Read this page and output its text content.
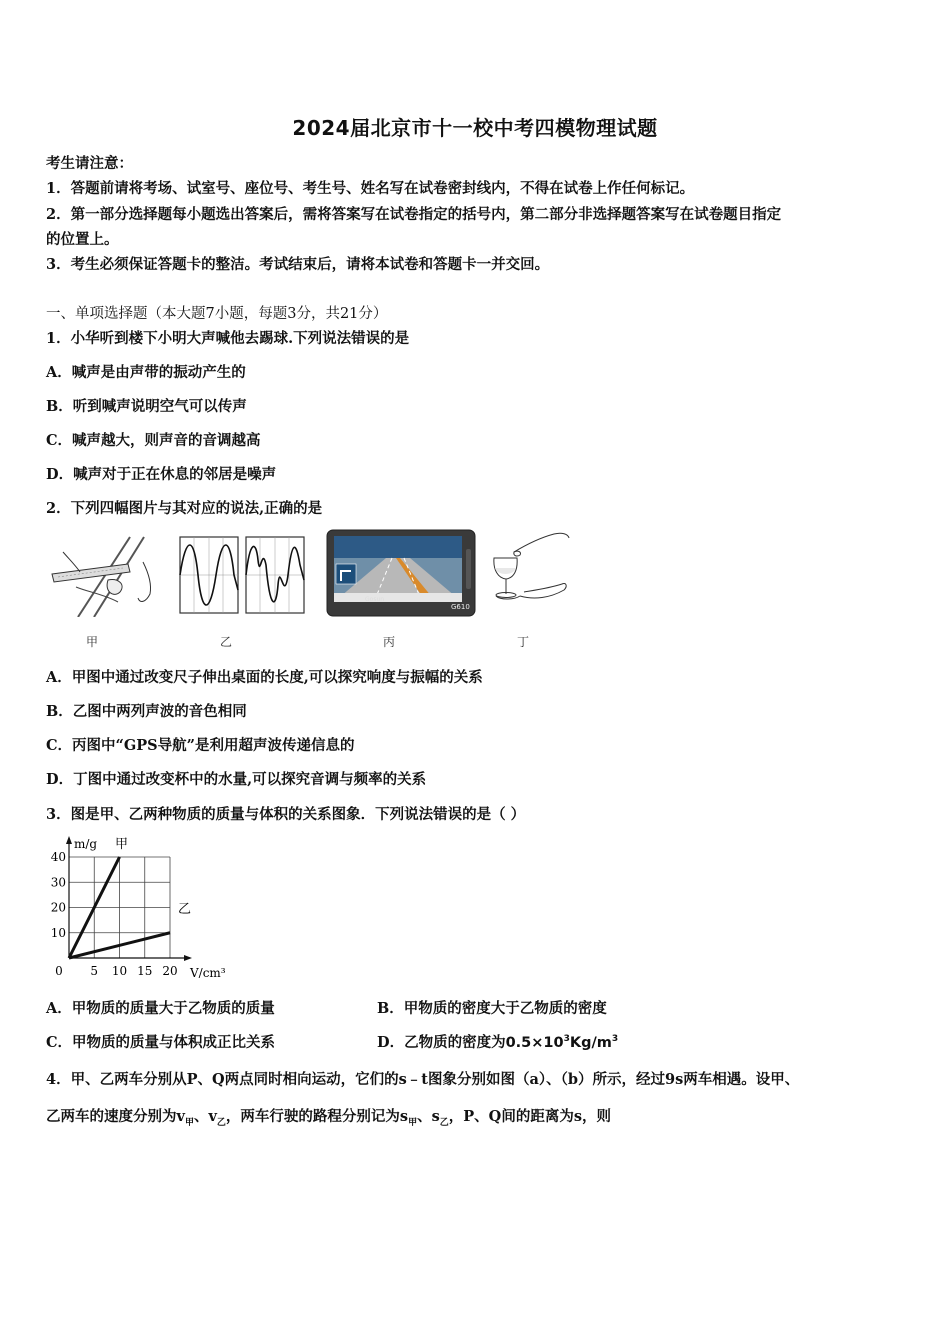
2024届北京市十一校中考四模物理试题
考生请注意：
1．答题前请将考场、试室号、座位号、考生号、姓名写在试卷密封线内，不得在试卷上作任何标记。
2．第一部分选择题每小题选出答案后，需将答案写在试卷指定的括号内，第二部分非选择题答案写在试卷题目指定
的位置上。
3．考生必须保证答题卡的整洁。考试结束后，请将本试卷和答题卡一并交回。
一、单项选择题（本大题7小题，每题3分，共21分）
1．小华听到楼下小明大声喊他去踢球.下列说法错误的是
A．喊声是由声带的振动产生的
B．听到喊声说明空气可以传声
C．喊声越大，则声音的音调越高
D．喊声对于正在休息的邻居是噪声
2．下列四幅图片与其对应的说法,正确的是
Gosun
G610
甲	乙	丙	丁
A．甲图中通过改变尺子伸出桌面的长度,可以探究响度与振幅的关系
B．乙图中两列声波的音色相同
C．丙图中“GPS导航”是利用超声波传递信息的
D．丁图中通过改变杯中的水量,可以探究音调与频率的关系
3．图是甲、乙两种物质的质量与体积的关系图象．下列说法错误的是（ ）
0 5 10 15 20
10
20
30
40
m/g
V/cm³
甲
乙
A．甲物质的质量大于乙物质的质量	B．甲物质的密度大于乙物质的密度
C．甲物质的质量与体积成正比关系	D．乙物质的密度为$0.5\times 10^3Kg/m^3$
4．甲、乙两车分别从P、Q两点同时相向运动，它们的s﹣t图象分别如图（a）、（b）所示，经过9s两车相遇。设甲、
乙两车的速度分别为$v_甲$、$v_乙$，两车行驶的路程分别记为$s_甲$、$s_乙$，P、Q间的距离为s，则
